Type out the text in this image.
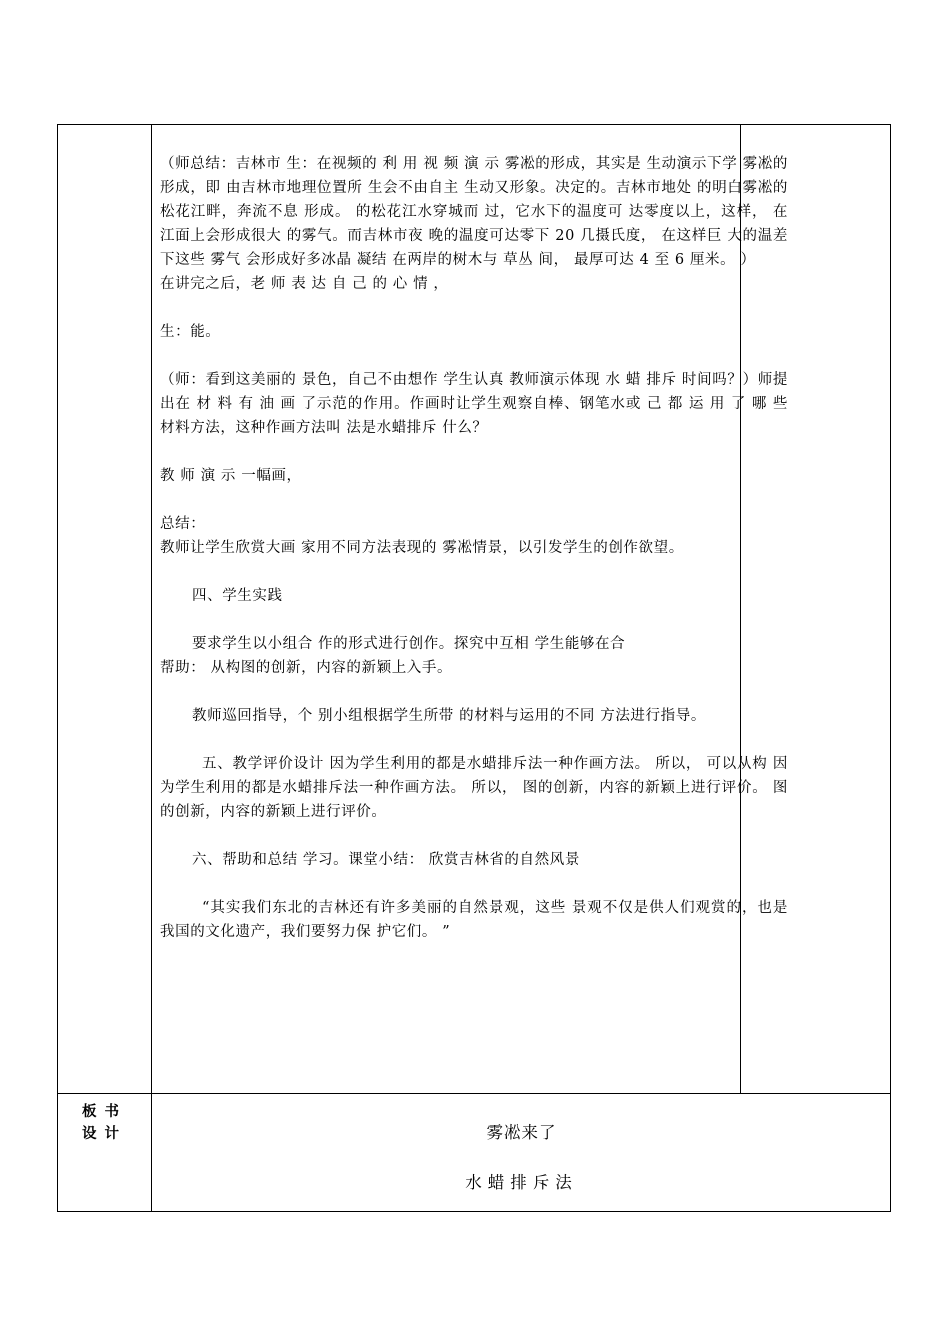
（师总结：吉林市 生：在视频的 利 用 视 频 演 示 雾凇的形成，其实是 生动演示下学 雾凇的形成，即 由吉林市地理位置所 生会不由自主 生动又形象。决定的。吉林市地处 的明白雾凇的 松花江畔，奔流不息 形成。 的松花江水穿城而 过，它水下的温度可 达零度以上，这样， 在江面上会形成很大 的雾气。而吉林市夜 晚的温度可达零下 20 几摄氏度， 在这样巨 大的温差下这些 雾气 会形成好多冰晶 凝结 在两岸的树木与 草丛 间， 最厚可达 4 至 6 厘米。 ）

在讲完之后，老 师 表 达 自 己 的 心 情 ，

生：能。

（师：看到这美丽的 景色，自己不由想作 学生认真 教师演示体现 水 蜡 排斥 时间吗？）师提出在 材 料 有 油 画 了示范的作用。作画时让学生观察自棒、钢笔水或 己 都 运 用 了 哪 些 材料方法，这种作画方法叫 法是水蜡排斥 什么？

教 师 演 示 一幅画，

总结：

教师让学生欣赏大画 家用不同方法表现的 雾凇情景，以引发学生的创作欲望。

四、学生实践

要求学生以小组合 作的形式进行创作。探究中互相 学生能够在合

帮助： 从构图的创新，内容的新颖上入手。

教师巡回指导，个 别小组根据学生所带 的材料与运用的不同 方法进行指导。

五、教学评价设计 因为学生利用的都是水蜡排斥法一种作画方法。 所以， 可以从构 因为学生利用的都是水蜡排斥法一种作画方法。 所以， 图的创新，内容的新颖上进行评价。 图的创新，内容的新颖上进行评价。

六、帮助和总结 学习。课堂小结： 欣赏吉林省的自然风景

“其实我们东北的吉林还有许多美丽的自然景观，这些 景观不仅是供人们观赏的，也是我国的文化遗产，我们要努力保 护它们。 ”

板书
设计	雾凇来了
水蜡排斥法
